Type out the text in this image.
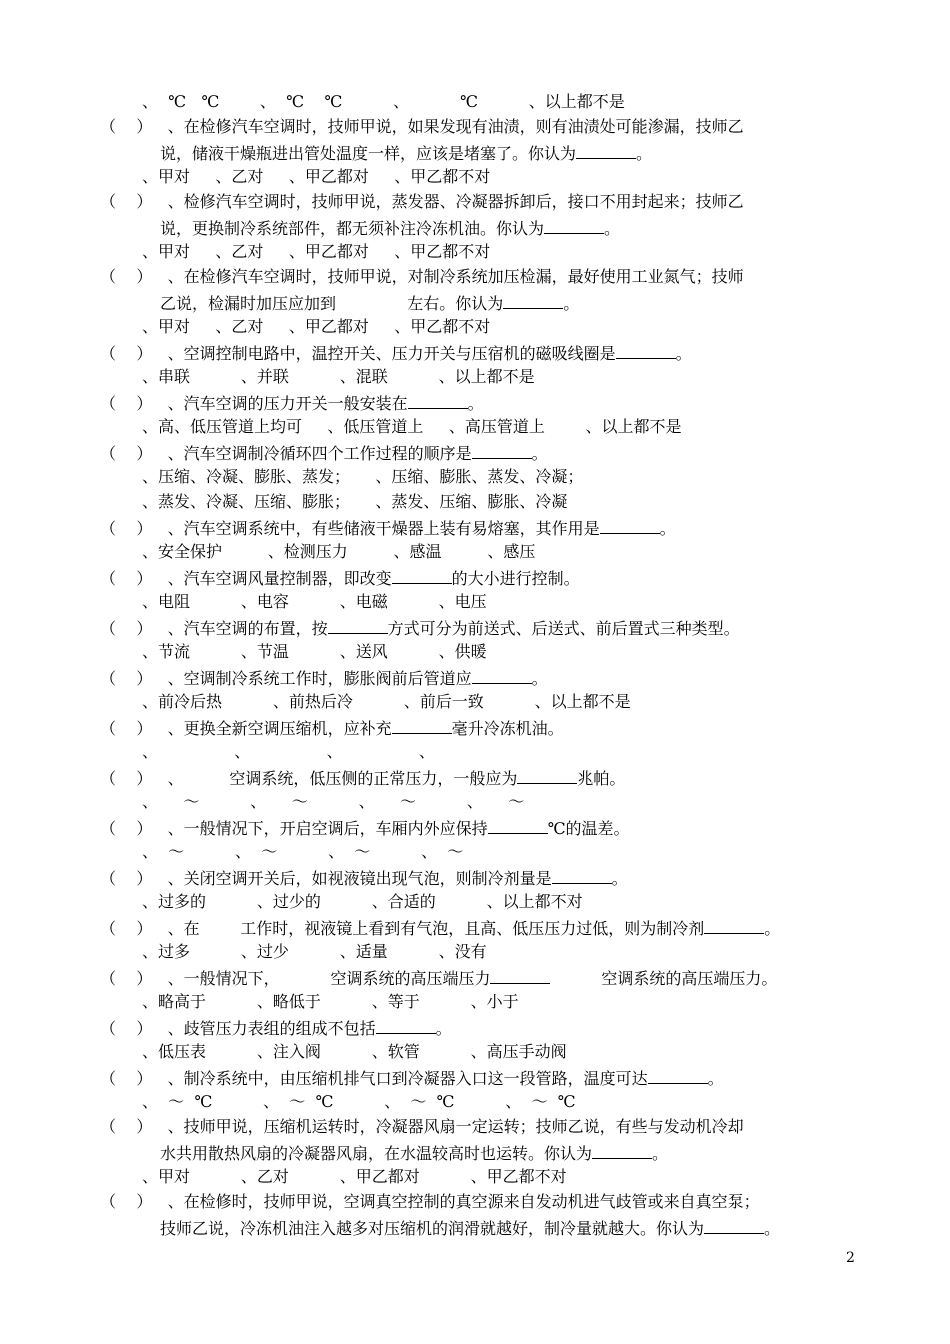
、  ℃   ℃        、  ℃    ℃          、          ℃          、以上都不是
（    ）   、在检修汽车空调时，技师甲说，如果发现有油渍，则有油渍处可能渗漏，技师乙
说，储液干燥瓶进出管处温度一样，应该是堵塞了。你认为	。
、甲对     、乙对     、甲乙都对     、甲乙都不对
（    ）   、检修汽车空调时，技师甲说，蒸发器、冷凝器拆卸后，接口不用封起来；技师乙
说，更换制冷系统部件，都无须补注冷冻机油。你认为	。
、甲对     、乙对     、甲乙都对     、甲乙都不对
（    ）   、在检修汽车空调时，技师甲说，对制冷系统加压检漏，最好使用工业氮气；技师
乙说，检漏时加压应加到              左右。你认为	。
、甲对     、乙对     、甲乙都对     、甲乙都不对
（    ）   、空调控制电路中，温控开关、压力开关与压宿机的磁吸线圈是	。
、串联          、并联          、混联          、以上都不是
（    ）   、汽车空调的压力开关一般安装在	。
、高、低压管道上均可     、低压管道上     、高压管道上        、以上都不是
（    ）   、汽车空调制冷循环四个工作过程的顺序是	。
、压缩、冷凝、膨胀、蒸发；     、压缩、膨胀、蒸发、冷凝；
、蒸发、冷凝、压缩、膨胀；     、蒸发、压缩、膨胀、冷凝
（    ）   、汽车空调系统中，有些储液干燥器上装有易熔塞，其作用是	。
、安全保护         、检测压力         、感温         、感压
（    ）   、汽车空调风量控制器，即改变	的大小进行控制。
、电阻          、电容          、电磁          、电压
（    ）   、汽车空调的布置，按	方式可分为前送式、后送式、前后置式三种类型。
、节流          、节温          、送风          、供暖
（    ）   、空调制冷系统工作时，膨胀阀前后管道应	。
、前冷后热          、前热后冷          、前后一致          、以上都不是
（    ）   、更换全新空调压缩机，应补充	毫升冷冻机油。
、               、               、               、
（    ）   、         空调系统，低压侧的正常压力，一般应为	兆帕。
、     ～          、     ～          、     ～          、     ～
（    ）   、一般情况下，开启空调后，车厢内外应保持	℃的温差。
、  ～          、  ～          、  ～          、  ～
（    ）   、关闭空调开关后，如视液镜出现气泡，则制冷剂量是	。
、过多的          、过少的          、合适的          、以上都不对
（    ）   、在        工作时，视液镜上看到有气泡，且高、低压压力过低，则为制冷剂	。
、过多          、过少          、适量          、没有
（    ）   、一般情况下，          空调系统的高压端压力	空调系统的高压端压力。
、略高于          、略低于          、等于          、小于
（    ）   、歧管压力表组的组成不包括	。
、低压表          、注入阀          、软管          、高压手动阀
（    ）   、制冷系统中，由压缩机排气口到冷凝器入口这一段管路，温度可达	。
、  ～  ℃          、  ～  ℃          、  ～  ℃          、  ～  ℃
（    ）   、技师甲说，压缩机运转时，冷凝器风扇一定运转；技师乙说，有些与发动机冷却
水共用散热风扇的冷凝器风扇，在水温较高时也运转。你认为	。
、甲对          、乙对          、甲乙都对          、甲乙都不对
（    ）   、在检修时，技师甲说，空调真空控制的真空源来自发动机进气歧管或来自真空泵；
技师乙说，冷冻机油注入越多对压缩机的润滑就越好，制冷量就越大。你认为	。
2
